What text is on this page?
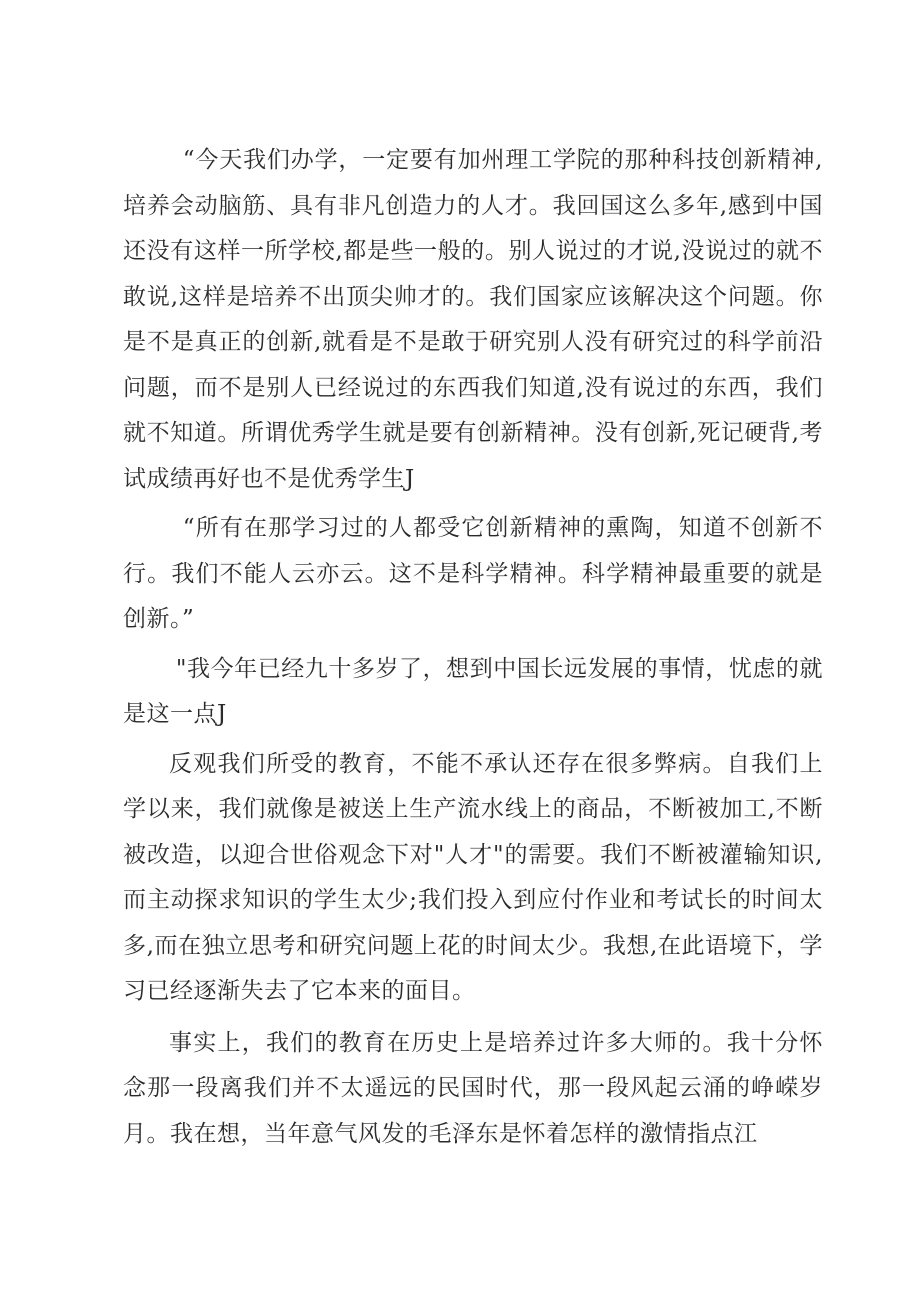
“今天我们办学，一定要有加州理工学院的那种科技创新精神,培养会动脑筋、具有非凡创造力的人才。我回国这么多年,感到中国还没有这样一所学校,都是些一般的。别人说过的才说,没说过的就不敢说,这样是培养不出顶尖帅才的。我们国家应该解决这个问题。你是不是真正的创新,就看是不是敢于研究别人没有研究过的科学前沿问题，而不是别人已经说过的东西我们知道,没有说过的东西，我们就不知道。所谓优秀学生就是要有创新精神。没有创新,死记硬背,考试成绩再好也不是优秀学生J

“所有在那学习过的人都受它创新精神的熏陶，知道不创新不行。我们不能人云亦云。这不是科学精神。科学精神最重要的就是创新。”

"我今年已经九十多岁了，想到中国长远发展的事情，忧虑的就是这一点J

反观我们所受的教育，不能不承认还存在很多弊病。自我们上学以来，我们就像是被送上生产流水线上的商品，不断被加工,不断被改造，以迎合世俗观念下对"人才"的需要。我们不断被灌输知识,而主动探求知识的学生太少;我们投入到应付作业和考试长的时间太多,而在独立思考和研究问题上花的时间太少。我想,在此语境下，学习已经逐渐失去了它本来的面目。

事实上，我们的教育在历史上是培养过许多大师的。我十分怀念那一段离我们并不太遥远的民国时代，那一段风起云涌的峥嵘岁月。我在想，当年意气风发的毛泽东是怀着怎样的激情指点江
